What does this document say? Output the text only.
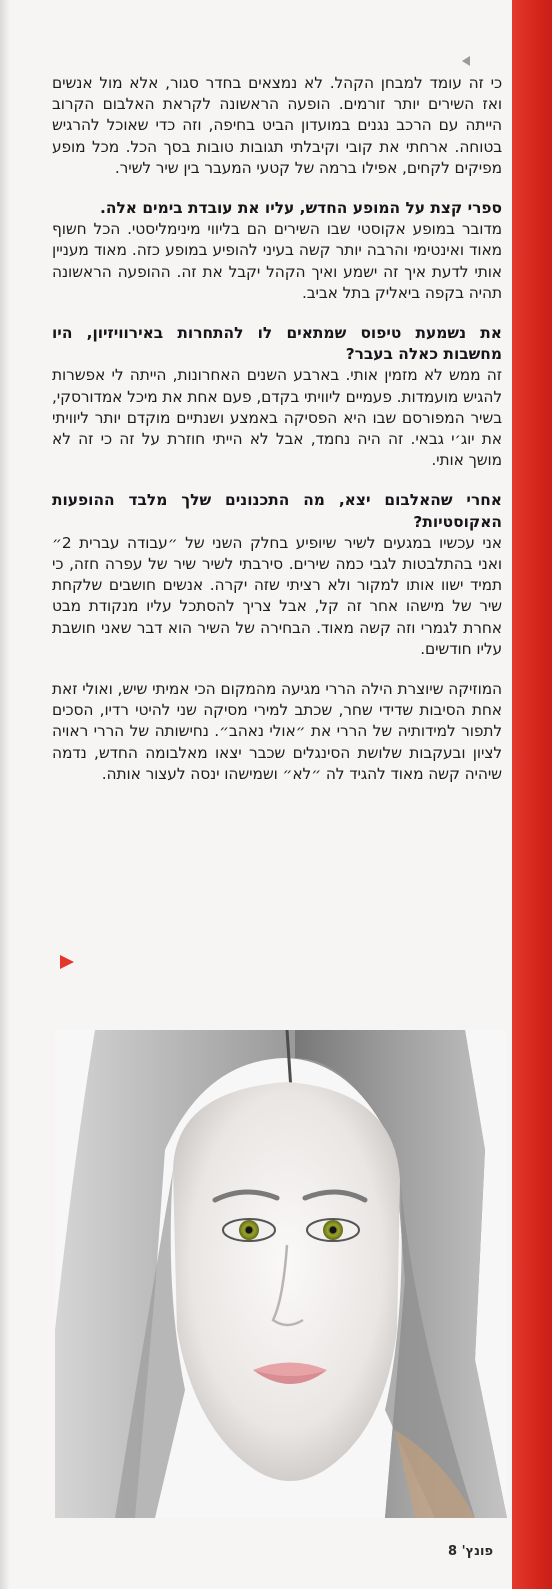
כי זה עומד למבחן הקהל. לא נמצאים בחדר סגור, אלא מול אנשים ואז השירים יותר זורמים. הופעה הראשונה לקראת האלבום הקרוב הייתה עם הרכב נגנים במועדון הביט בחיפה, וזה כדי שאוכל להרגיש בטוחה. ארחתי את קובי וקיבלתי תגובות טובות בסך הכל. מכל מופע מפיקים לקחים, אפילו ברמה של קטעי המעבר בין שיר לשיר.

ספרי קצת על המופע החדש, עליו את עובדת בימים אלה.

מדובר במופע אקוסטי שבו השירים הם בליווי מינימליסטי. הכל חשוף מאוד ואינטימי והרבה יותר קשה בעיני להופיע במופע כזה. מאוד מעניין אותי לדעת איך זה ישמע ואיך הקהל יקבל את זה. ההופעה הראשונה תהיה בקפה ביאליק בתל אביב.

את נשמעת טיפוס שמתאים לו להתחרות באירוויזיון, היו מחשבות כאלה בעבר?

זה ממש לא מזמין אותי. בארבע השנים האחרונות, הייתה לי אפשרות להגיש מועמדות. פעמיים ליוויתי בקדם, פעם אחת את מיכל אמדורסקי, בשיר המפורסם שבו היא הפסיקה באמצע ושנתיים מוקדם יותר ליוויתי את יוג׳י גבאי. זה היה נחמד, אבל לא הייתי חוזרת על זה כי זה לא מושך אותי.

אחרי שהאלבום יצא, מה התכנונים שלך מלבד ההופעות האקוסטיות?

אני עכשיו במגעים לשיר שיופיע בחלק השני של ״עבודה עברית 2״ ואני בהתלבטות לגבי כמה שירים. סירבתי לשיר שיר של עפרה חזה, כי תמיד ישוו אותו למקור ולא רציתי שזה יקרה. אנשים חושבים שלקחת שיר של מישהו אחר זה קל, אבל צריך להסתכל עליו מנקודת מבט אחרת לגמרי וזה קשה מאוד. הבחירה של השיר הוא דבר שאני חושבת עליו חודשים.

המוזיקה שיוצרת הילה הררי מגיעה מהמקום הכי אמיתי שיש, ואולי זאת אחת הסיבות שדידי שחר, שכתב למירי מסיקה שני להיטי רדיו, הסכים לתפור למידותיה של הררי את ״אולי נאהב״. נחישותה של הררי ראויה לציון ובעקבות שלושת הסינגלים שכבר יצאו מאלבומה החדש, נדמה שיהיה קשה מאוד להגיד לה ״לא״ ושמישהו ינסה לעצור אותה.

פונץ' 8
